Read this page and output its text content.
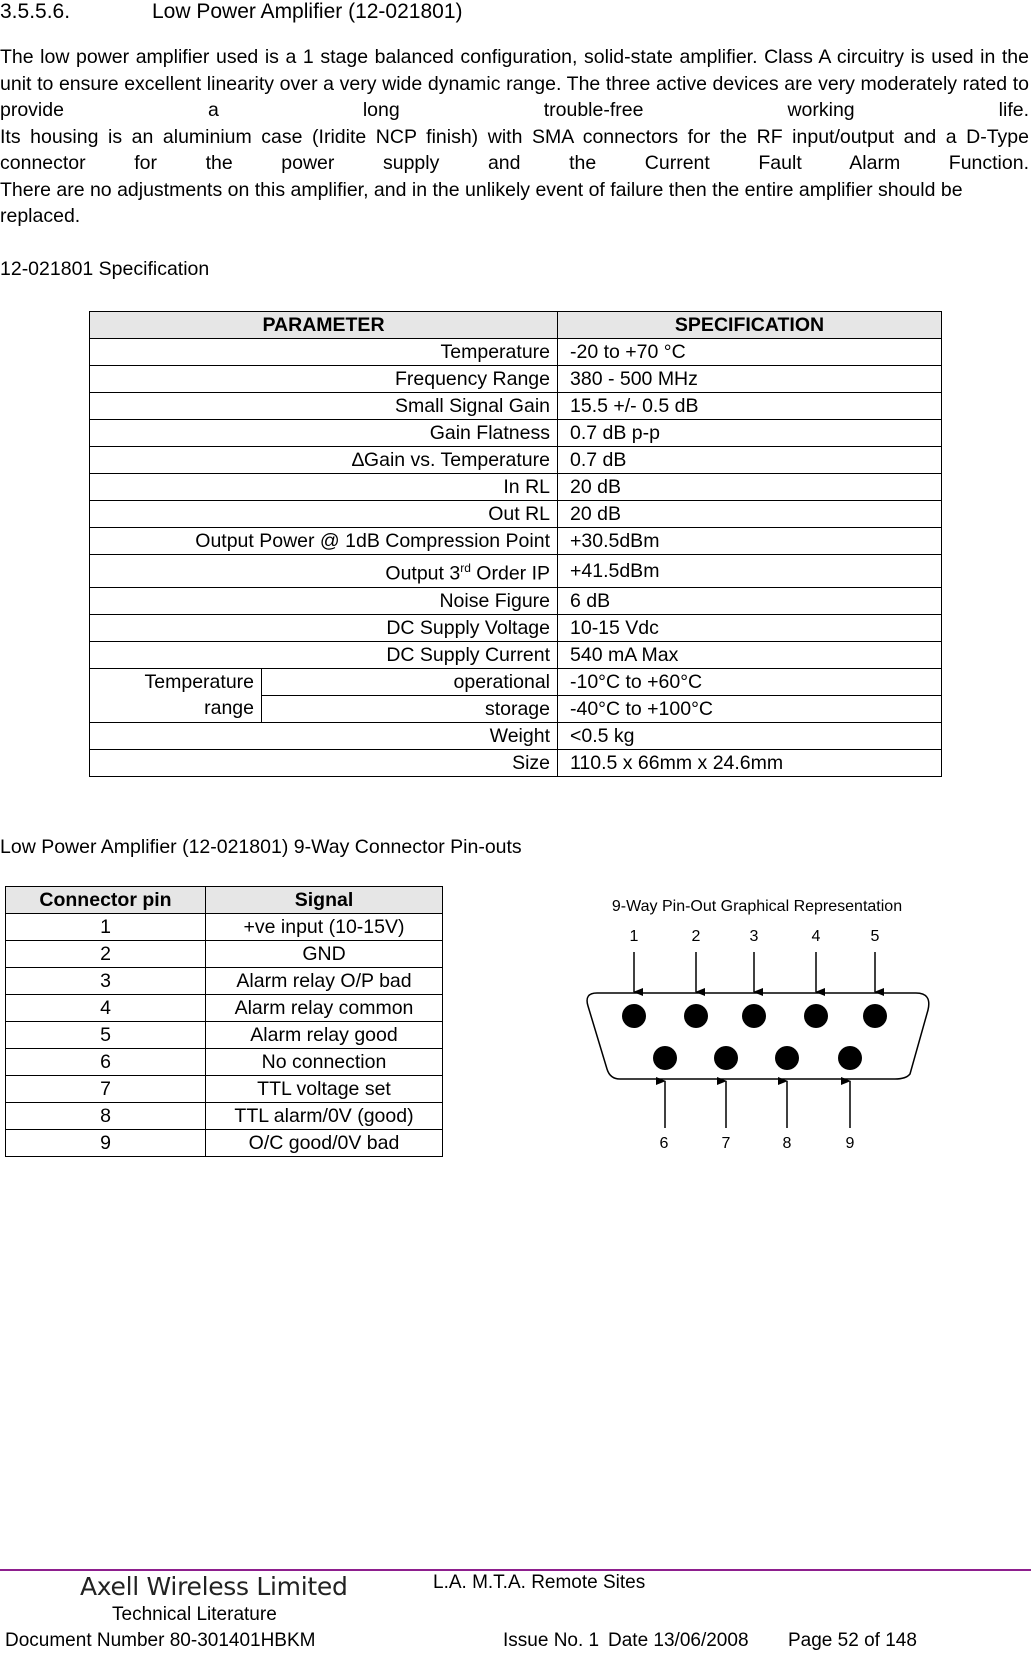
3.5.5.6.	Low Power Amplifier (12-021801)

The low power amplifier used is a 1 stage balanced configuration, solid-state amplifier. Class A circuitry is used in the unit to ensure excellent linearity over a very wide dynamic range. The three active devices are very moderately rated to provide a long trouble-free working life.

Its housing is an aluminium case (Iridite NCP finish) with SMA connectors for the RF input/output and a D-Type connector for the power supply and the Current Fault Alarm Function.

There are no adjustments on this amplifier, and in the unlikely event of failure then the entire amplifier should be replaced.

12-021801 Specification
PARAMETER		SPECIFICATION
Temperature		-20 to +70 °C
Frequency Range		380 - 500 MHz
Small Signal Gain		15.5 +/- 0.5 dB
Gain Flatness		0.7 dB p-p
∆Gain vs. Temperature		0.7 dB
In RL		20 dB
Out RL		20 dB
Output Power @ 1dB Compression Point		+30.5dBm
Output 3rd Order IP		+41.5dBm
Noise Figure		6 dB
DC Supply Voltage		10-15 Vdc
DC Supply Current		540 mA Max

Temperature
range	operational	-10°C to +60°C
	storage	-40°C to +100°C
Weight		<0.5 kg
Size		110.5 x 66mm x 24.6mm
Low Power Amplifier (12-021801) 9-Way Connector Pin-outs
Connector pin	Signal
1	+ve input (10-15V)
2	GND
3	Alarm relay O/P bad
4	Alarm relay common
5	Alarm relay good
6	No connection
7	TTL voltage set
8	TTL alarm/0V (good)
9	O/C good/0V bad
9-Way Pin-Out Graphical Representation
1	2	3	4	5
6	7	8	9
Axell Wireless Limited	L.A. M.T.A. Remote Sites
Technical Literature
Document Number 80-301401HBKM	Issue No. 1 Date 13/06/2008 Page 52 of 148
